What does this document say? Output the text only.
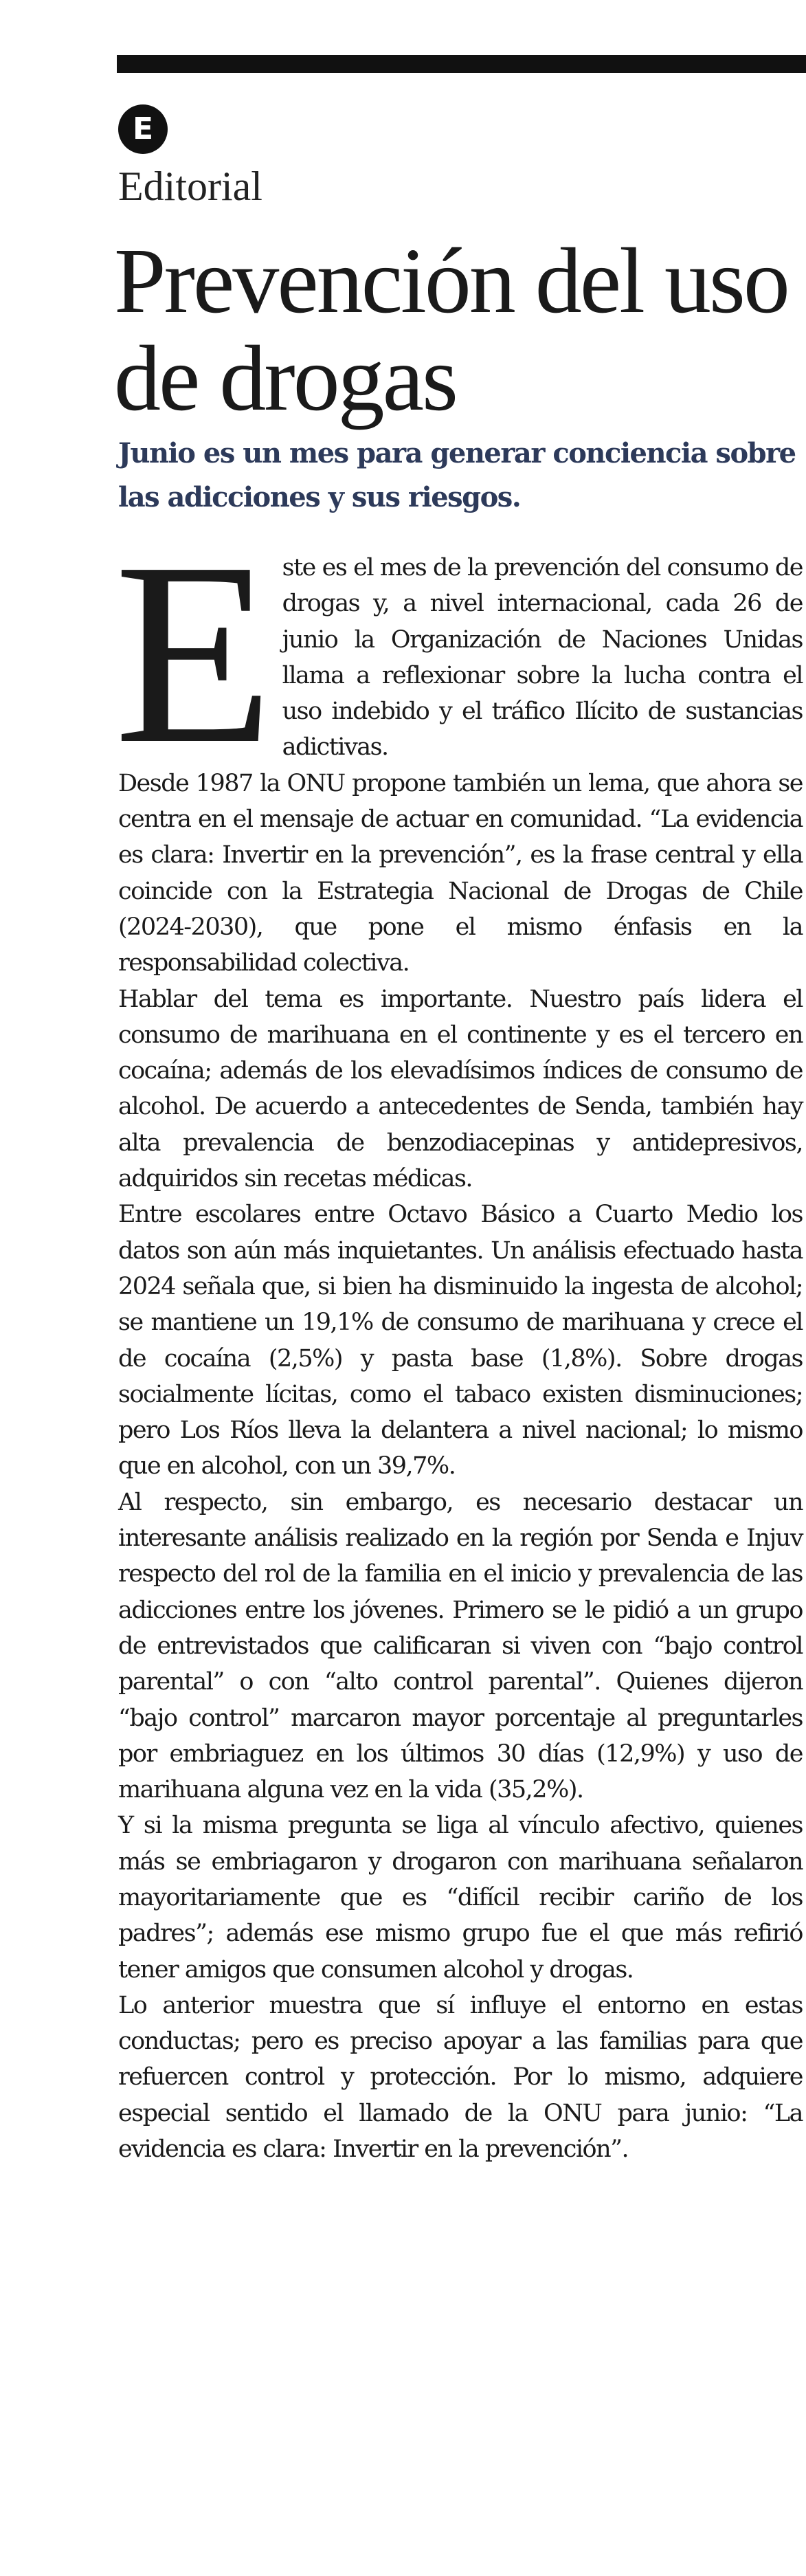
E
Editorial
Prevención del uso de drogas
Junio es un mes para generar conciencia sobre las adicciones y sus riesgos.

Este es el mes de la prevención del consumo de drogas y, a nivel internacional, cada 26 de junio la Organización de Naciones Unidas llama a reflexionar sobre la lucha contra el uso indebido y el tráfico Ilícito de sustancias adictivas.

Desde 1987 la ONU propone también un lema, que ahora se centra en el mensaje de actuar en comunidad. “La evidencia es clara: Invertir en la prevención”, es la frase central y ella coincide con la Estrategia Nacional de Drogas de Chile (2024-2030), que pone el mismo énfasis en la responsabilidad colectiva.

Hablar del tema es importante. Nuestro país lidera el consumo de marihuana en el continente y es el tercero en cocaína; además de los elevadísimos índices de consumo de alcohol. De acuerdo a antecedentes de Senda, también hay alta prevalencia de benzodiacepinas y antidepresivos, adquiridos sin recetas médicas.

Entre escolares entre Octavo Básico a Cuarto Medio los datos son aún más inquietantes. Un análisis efectuado hasta 2024 señala que, si bien ha disminuido la ingesta de alcohol; se mantiene un 19,1% de consumo de marihuana y crece el de cocaína (2,5%) y pasta base (1,8%). Sobre drogas socialmente lícitas, como el tabaco existen disminuciones; pero Los Ríos lleva la delantera a nivel nacional; lo mismo que en alcohol, con un 39,7%.

Al respecto, sin embargo, es necesario destacar un interesante análisis realizado en la región por Senda e Injuv respecto del rol de la familia en el inicio y prevalencia de las adicciones entre los jóvenes. Primero se le pidió a un grupo de entrevistados que calificaran si viven con “bajo control parental” o con “alto control parental”. Quienes dijeron “bajo control” marcaron mayor porcentaje al preguntarles por embriaguez en los últimos 30 días (12,9%) y uso de marihuana alguna vez en la vida (35,2%).

Y si la misma pregunta se liga al vínculo afectivo, quienes más se embriagaron y drogaron con marihuana señalaron mayoritariamente que es “difícil recibir cariño de los padres”; además ese mismo grupo fue el que más refirió tener amigos que consumen alcohol y drogas.

Lo anterior muestra que sí influye el entorno en estas conductas; pero es preciso apoyar a las familias para que refuercen control y protección. Por lo mismo, adquiere especial sentido el llamado de la ONU para junio: “La evidencia es clara: Invertir en la prevención”.
